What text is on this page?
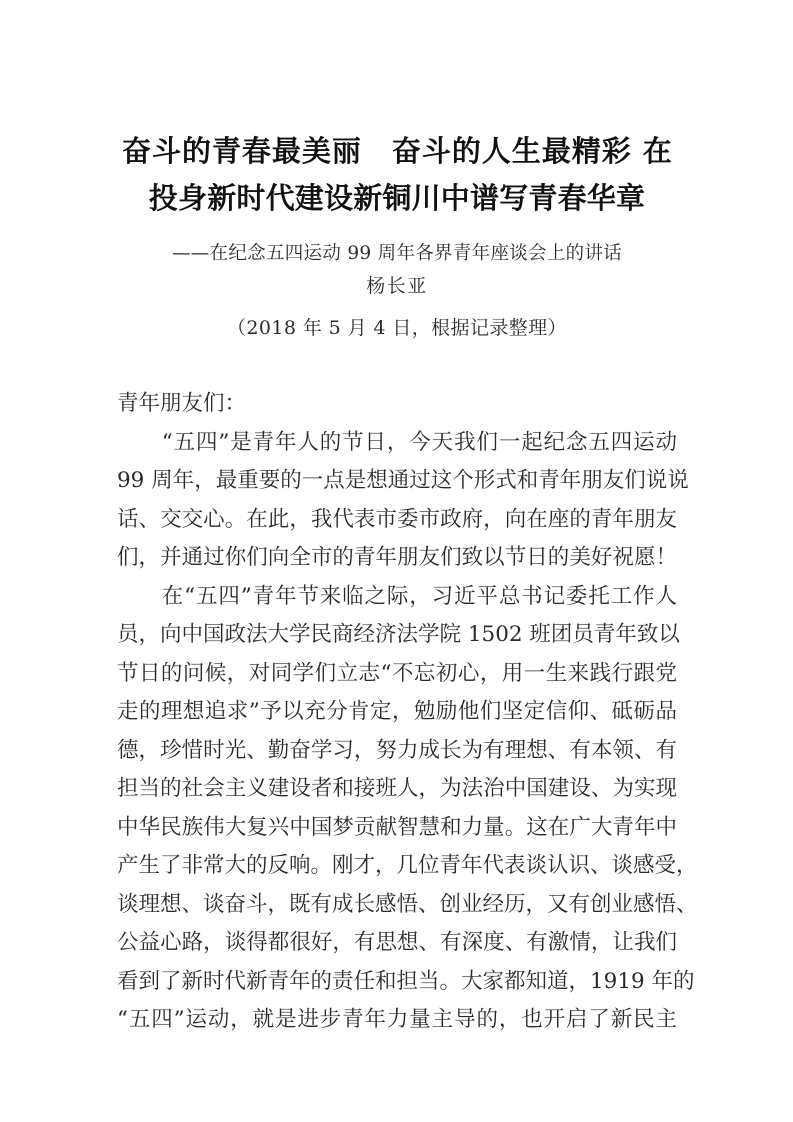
奋斗的青春最美丽　奋斗的人生最精彩 在
投身新时代建设新铜川中谱写青春华章
——在纪念五四运动 99 周年各界青年座谈会上的讲话
杨长亚
（2018 年 5 月 4 日，根据记录整理）
青年朋友们：
　　“五四”是青年人的节日，今天我们一起纪念五四运动
99 周年，最重要的一点是想通过这个形式和青年朋友们说说
话、交交心。在此，我代表市委市政府，向在座的青年朋友
们，并通过你们向全市的青年朋友们致以节日的美好祝愿！
　　在“五四”青年节来临之际，习近平总书记委托工作人
员，向中国政法大学民商经济法学院 1502 班团员青年致以
节日的问候，对同学们立志“不忘初心，用一生来践行跟党
走的理想追求”予以充分肯定，勉励他们坚定信仰、砥砺品
德，珍惜时光、勤奋学习，努力成长为有理想、有本领、有
担当的社会主义建设者和接班人，为法治中国建设、为实现
中华民族伟大复兴中国梦贡献智慧和力量。这在广大青年中
产生了非常大的反响。刚才，几位青年代表谈认识、谈感受，
谈理想、谈奋斗，既有成长感悟、创业经历，又有创业感悟、
公益心路，谈得都很好，有思想、有深度、有激情，让我们
看到了新时代新青年的责任和担当。大家都知道，1919 年的
“五四”运动，就是进步青年力量主导的，也开启了新民主
